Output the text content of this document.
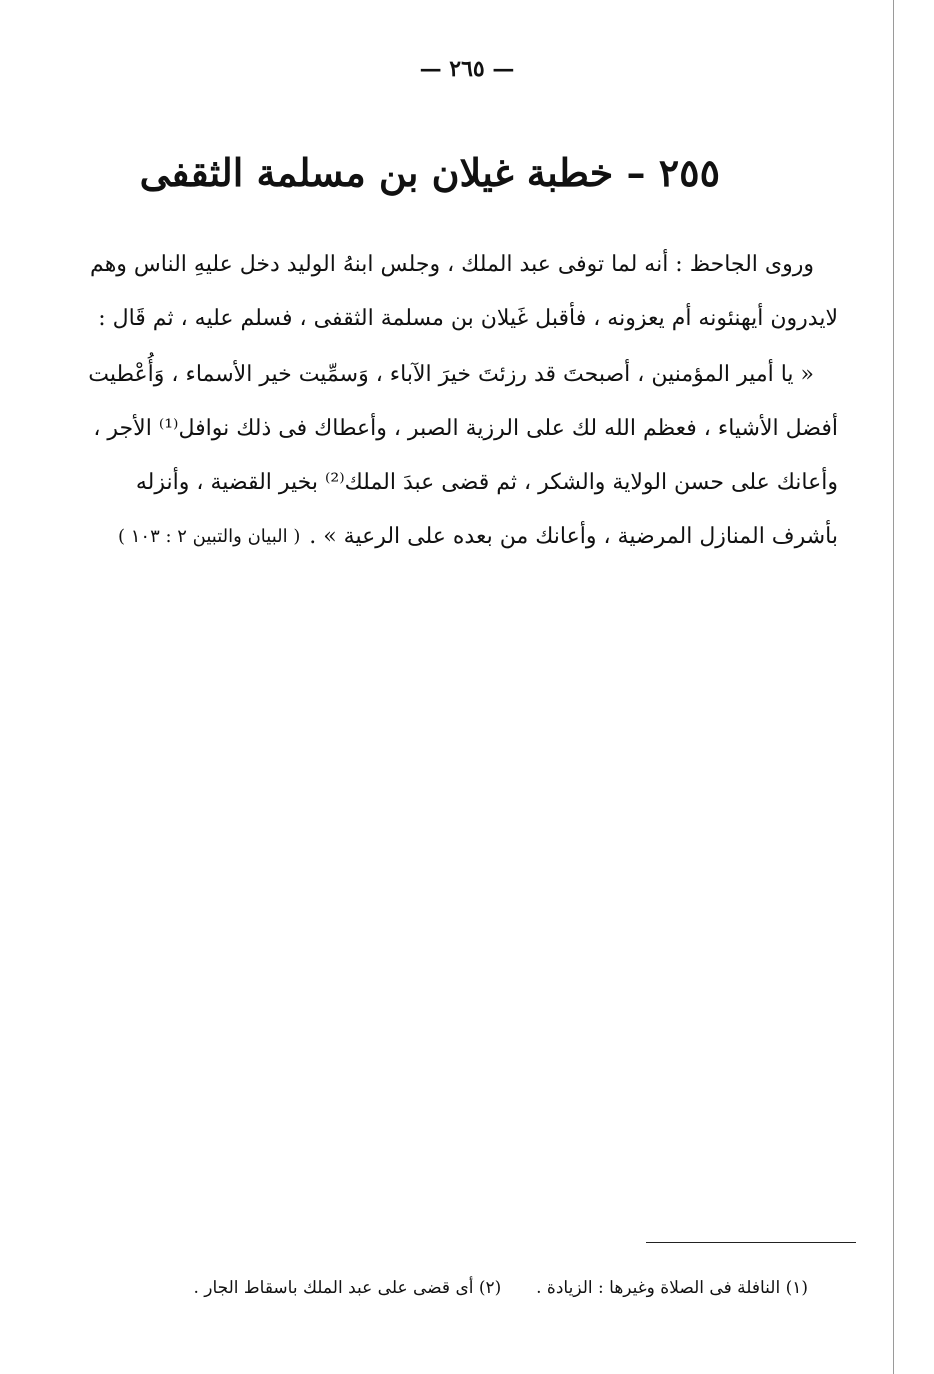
— ٢٦٥ —
٢٥٥ – خطبة غيلان بن مسلمة الثقفى
وروى الجاحظ : أنه لما توفى عبد الملك ، وجلس ابنهُ الوليد دخل عليهِ الناس وهم
لايدرون أيهنئونه أم يعزونه ، فأقبل غَيلان بن مسلمة الثقفى ، فسلم عليه ، ثم قَال :
« يا أمير المؤمنين ، أصبحتَ قد رزئتَ خيرَ الآباء ، وَسمِّيت خير الأسماء ، وَأُعْطيت
أفضل الأشياء ، فعظم الله لك على الرزية الصبر ، وأعطاك فى ذلك نوافل⁽¹⁾ الأجر ،
وأعانك على حسن الولاية والشكر ، ثم قضى عبدَ الملك⁽²⁾ بخير القضية ، وأنزله
بأشرف المنازل المرضية ، وأعانك من بعده على الرعية » .
( البيان والتبين ٢ : ١٠٣ )
(١) النافلة فى الصلاة وغيرها : الزيادة .  (٢) أى قضى على عبد الملك باسقاط الجار .
